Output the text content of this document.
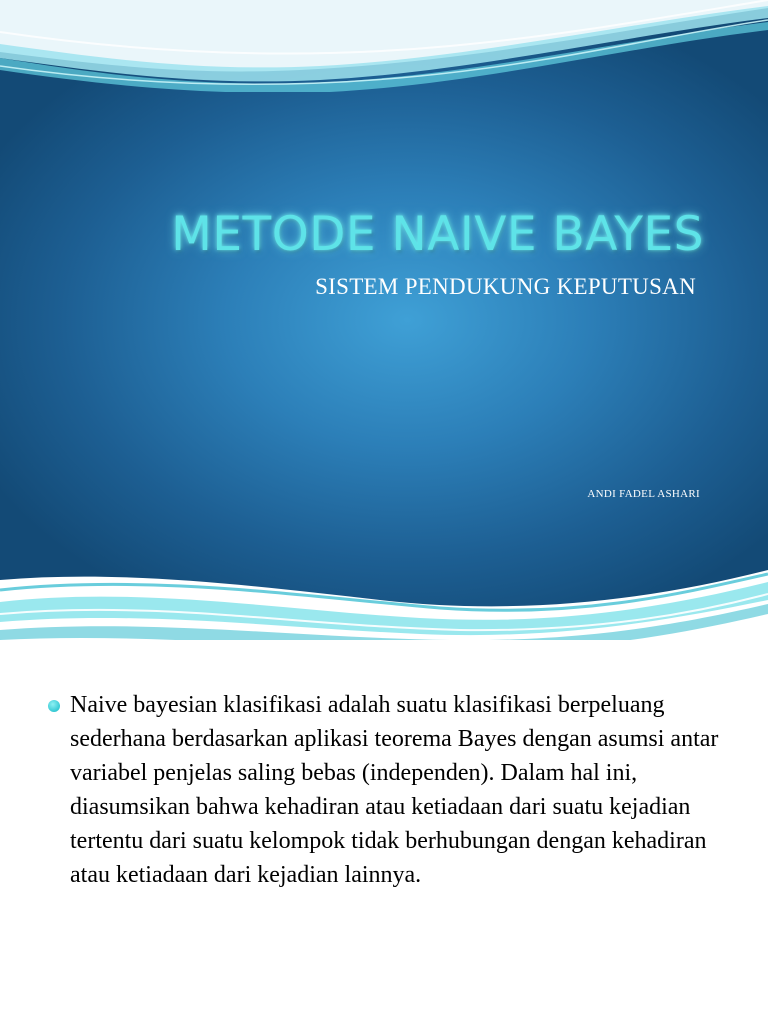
METODE NAIVE BAYES
SISTEM PENDUKUNG KEPUTUSAN
ANDI FADEL ASHARI
Naive bayesian klasifikasi adalah suatu klasifikasi berpeluang sederhana berdasarkan aplikasi teorema Bayes dengan asumsi antar variabel penjelas saling bebas (independen). Dalam hal ini, diasumsikan bahwa kehadiran atau ketiadaan dari suatu kejadian tertentu dari suatu kelompok tidak berhubungan dengan kehadiran atau ketiadaan dari kejadian lainnya.
